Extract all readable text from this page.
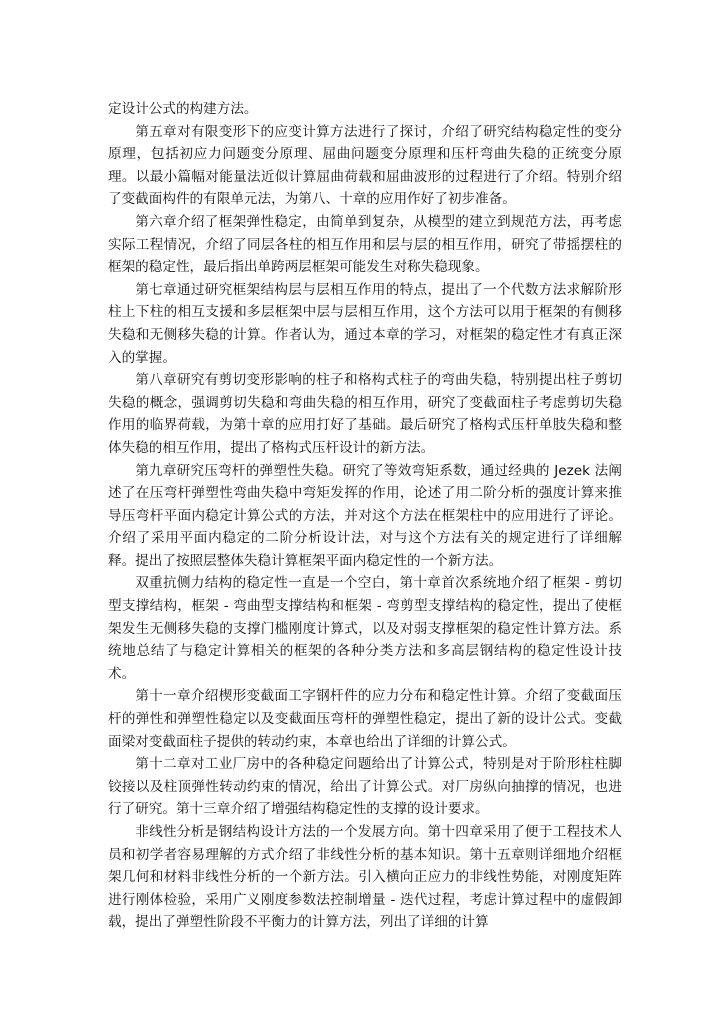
定设计公式的构建方法。

第五章对有限变形下的应变计算方法进行了探讨，介绍了研究结构稳定性的变分原理，包括初应力问题变分原理、屈曲问题变分原理和压杆弯曲失稳的正统变分原理。以最小篇幅对能量法近似计算屈曲荷载和屈曲波形的过程进行了介绍。特别介绍了变截面构件的有限单元法，为第八、十章的应用作好了初步准备。

第六章介绍了框架弹性稳定，由简单到复杂，从模型的建立到规范方法，再考虑实际工程情况，介绍了同层各柱的相互作用和层与层的相互作用，研究了带摇摆柱的框架的稳定性，最后指出单跨两层框架可能发生对称失稳现象。

第七章通过研究框架结构层与层相互作用的特点，提出了一个代数方法求解阶形柱上下柱的相互支援和多层框架中层与层相互作用，这个方法可以用于框架的有侧移失稳和无侧移失稳的计算。作者认为，通过本章的学习，对框架的稳定性才有真正深入的掌握。

第八章研究有剪切变形影响的柱子和格构式柱子的弯曲失稳，特别提出柱子剪切失稳的概念，强调剪切失稳和弯曲失稳的相互作用，研究了变截面柱子考虑剪切失稳作用的临界荷载，为第十章的应用打好了基础。最后研究了格构式压杆单肢失稳和整体失稳的相互作用，提出了格构式压杆设计的新方法。

第九章研究压弯杆的弹塑性失稳。研究了等效弯矩系数，通过经典的 Jezek 法阐述了在压弯杆弹塑性弯曲失稳中弯矩发挥的作用，论述了用二阶分析的强度计算来推导压弯杆平面内稳定计算公式的方法，并对这个方法在框架柱中的应用进行了评论。介绍了采用平面内稳定的二阶分析设计法，对与这个方法有关的规定进行了详细解释。提出了按照层整体失稳计算框架平面内稳定性的一个新方法。

双重抗侧力结构的稳定性一直是一个空白，第十章首次系统地介绍了框架 - 剪切型支撑结构，框架 - 弯曲型支撑结构和框架 - 弯剪型支撑结构的稳定性，提出了使框架发生无侧移失稳的支撑门槛刚度计算式，以及对弱支撑框架的稳定性计算方法。系统地总结了与稳定计算相关的框架的各种分类方法和多高层钢结构的稳定性设计技术。

第十一章介绍楔形变截面工字钢杆件的应力分布和稳定性计算。介绍了变截面压杆的弹性和弹塑性稳定以及变截面压弯杆的弹塑性稳定，提出了新的设计公式。变截面梁对变截面柱子提供的转动约束，本章也给出了详细的计算公式。

第十二章对工业厂房中的各种稳定问题给出了计算公式，特别是对于阶形柱柱脚铰接以及柱顶弹性转动约束的情况，给出了计算公式。对厂房纵向抽撑的情况，也进行了研究。第十三章介绍了增强结构稳定性的支撑的设计要求。

非线性分析是钢结构设计方法的一个发展方向。第十四章采用了便于工程技术人员和初学者容易理解的方式介绍了非线性分析的基本知识。第十五章则详细地介绍框架几何和材料非线性分析的一个新方法。引入横向正应力的非线性势能，对刚度矩阵进行刚体检验，采用广义刚度参数法控制增量 - 迭代过程，考虑计算过程中的虚假卸载，提出了弹塑性阶段不平衡力的计算方法，列出了详细的计算
